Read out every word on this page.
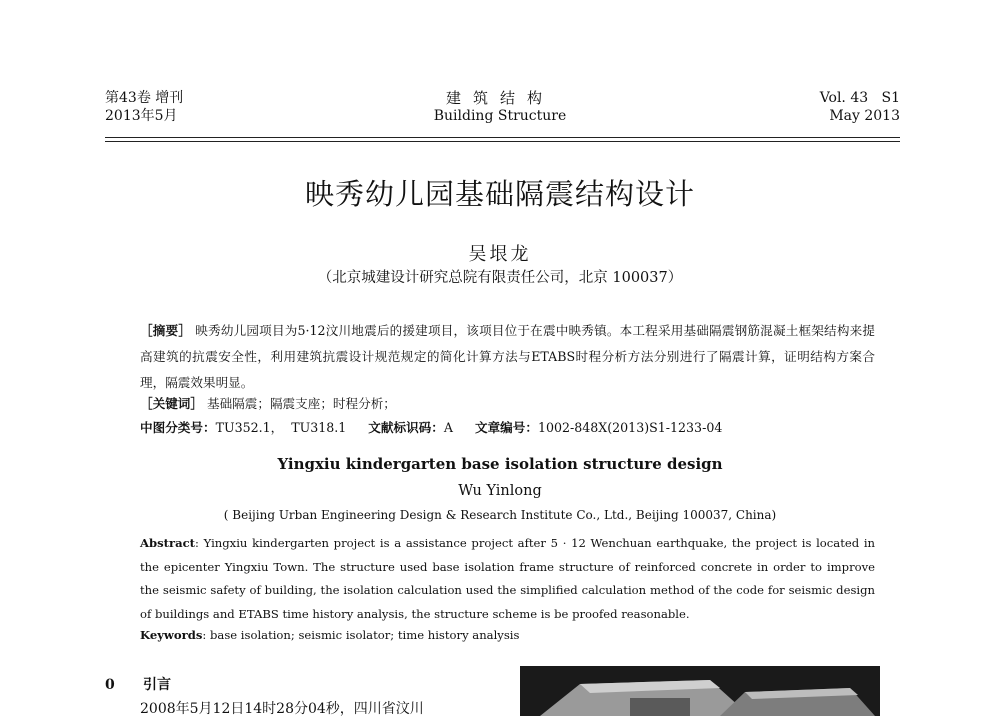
第43卷 增刊
2013年5月
建筑结构
Building Structure
Vol. 43   S1
May 2013
映秀幼儿园基础隔震结构设计
吴垠龙
（北京城建设计研究总院有限责任公司，北京 100037）
［摘要］ 映秀幼儿园项目为5·12汶川地震后的援建项目，该项目位于在震中映秀镇。本工程采用基础隔震钢筋混凝土框架结构来提高建筑的抗震安全性，利用建筑抗震设计规范规定的简化计算方法与ETABS时程分析方法分别进行了隔震计算，证明结构方案合理，隔震效果明显。
［关键词］ 基础隔震；隔震支座；时程分析；
中图分类号：TU352.1，  TU318.1 文献标识码：A 文章编号：1002-848X(2013)S1-1233-04
Yingxiu kindergarten base isolation structure design
Wu Yinlong
( Beijing Urban Engineering Design & Research Institute Co., Ltd., Beijing 100037, China)
Abstract: Yingxiu kindergarten project is a assistance project after 5 · 12 Wenchuan earthquake, the project is located in the epicenter Yingxiu Town. The structure used base isolation frame structure of reinforced concrete in order to improve the seismic safety of building, the isolation calculation used the simplified calculation method of the code for seismic design of buildings and ETABS time history analysis, the structure scheme is be proofed reasonable.
Keywords: base isolation; seismic isolator; time history analysis
0 引言
2008年5月12日14时28分04秒，四川省汶川
